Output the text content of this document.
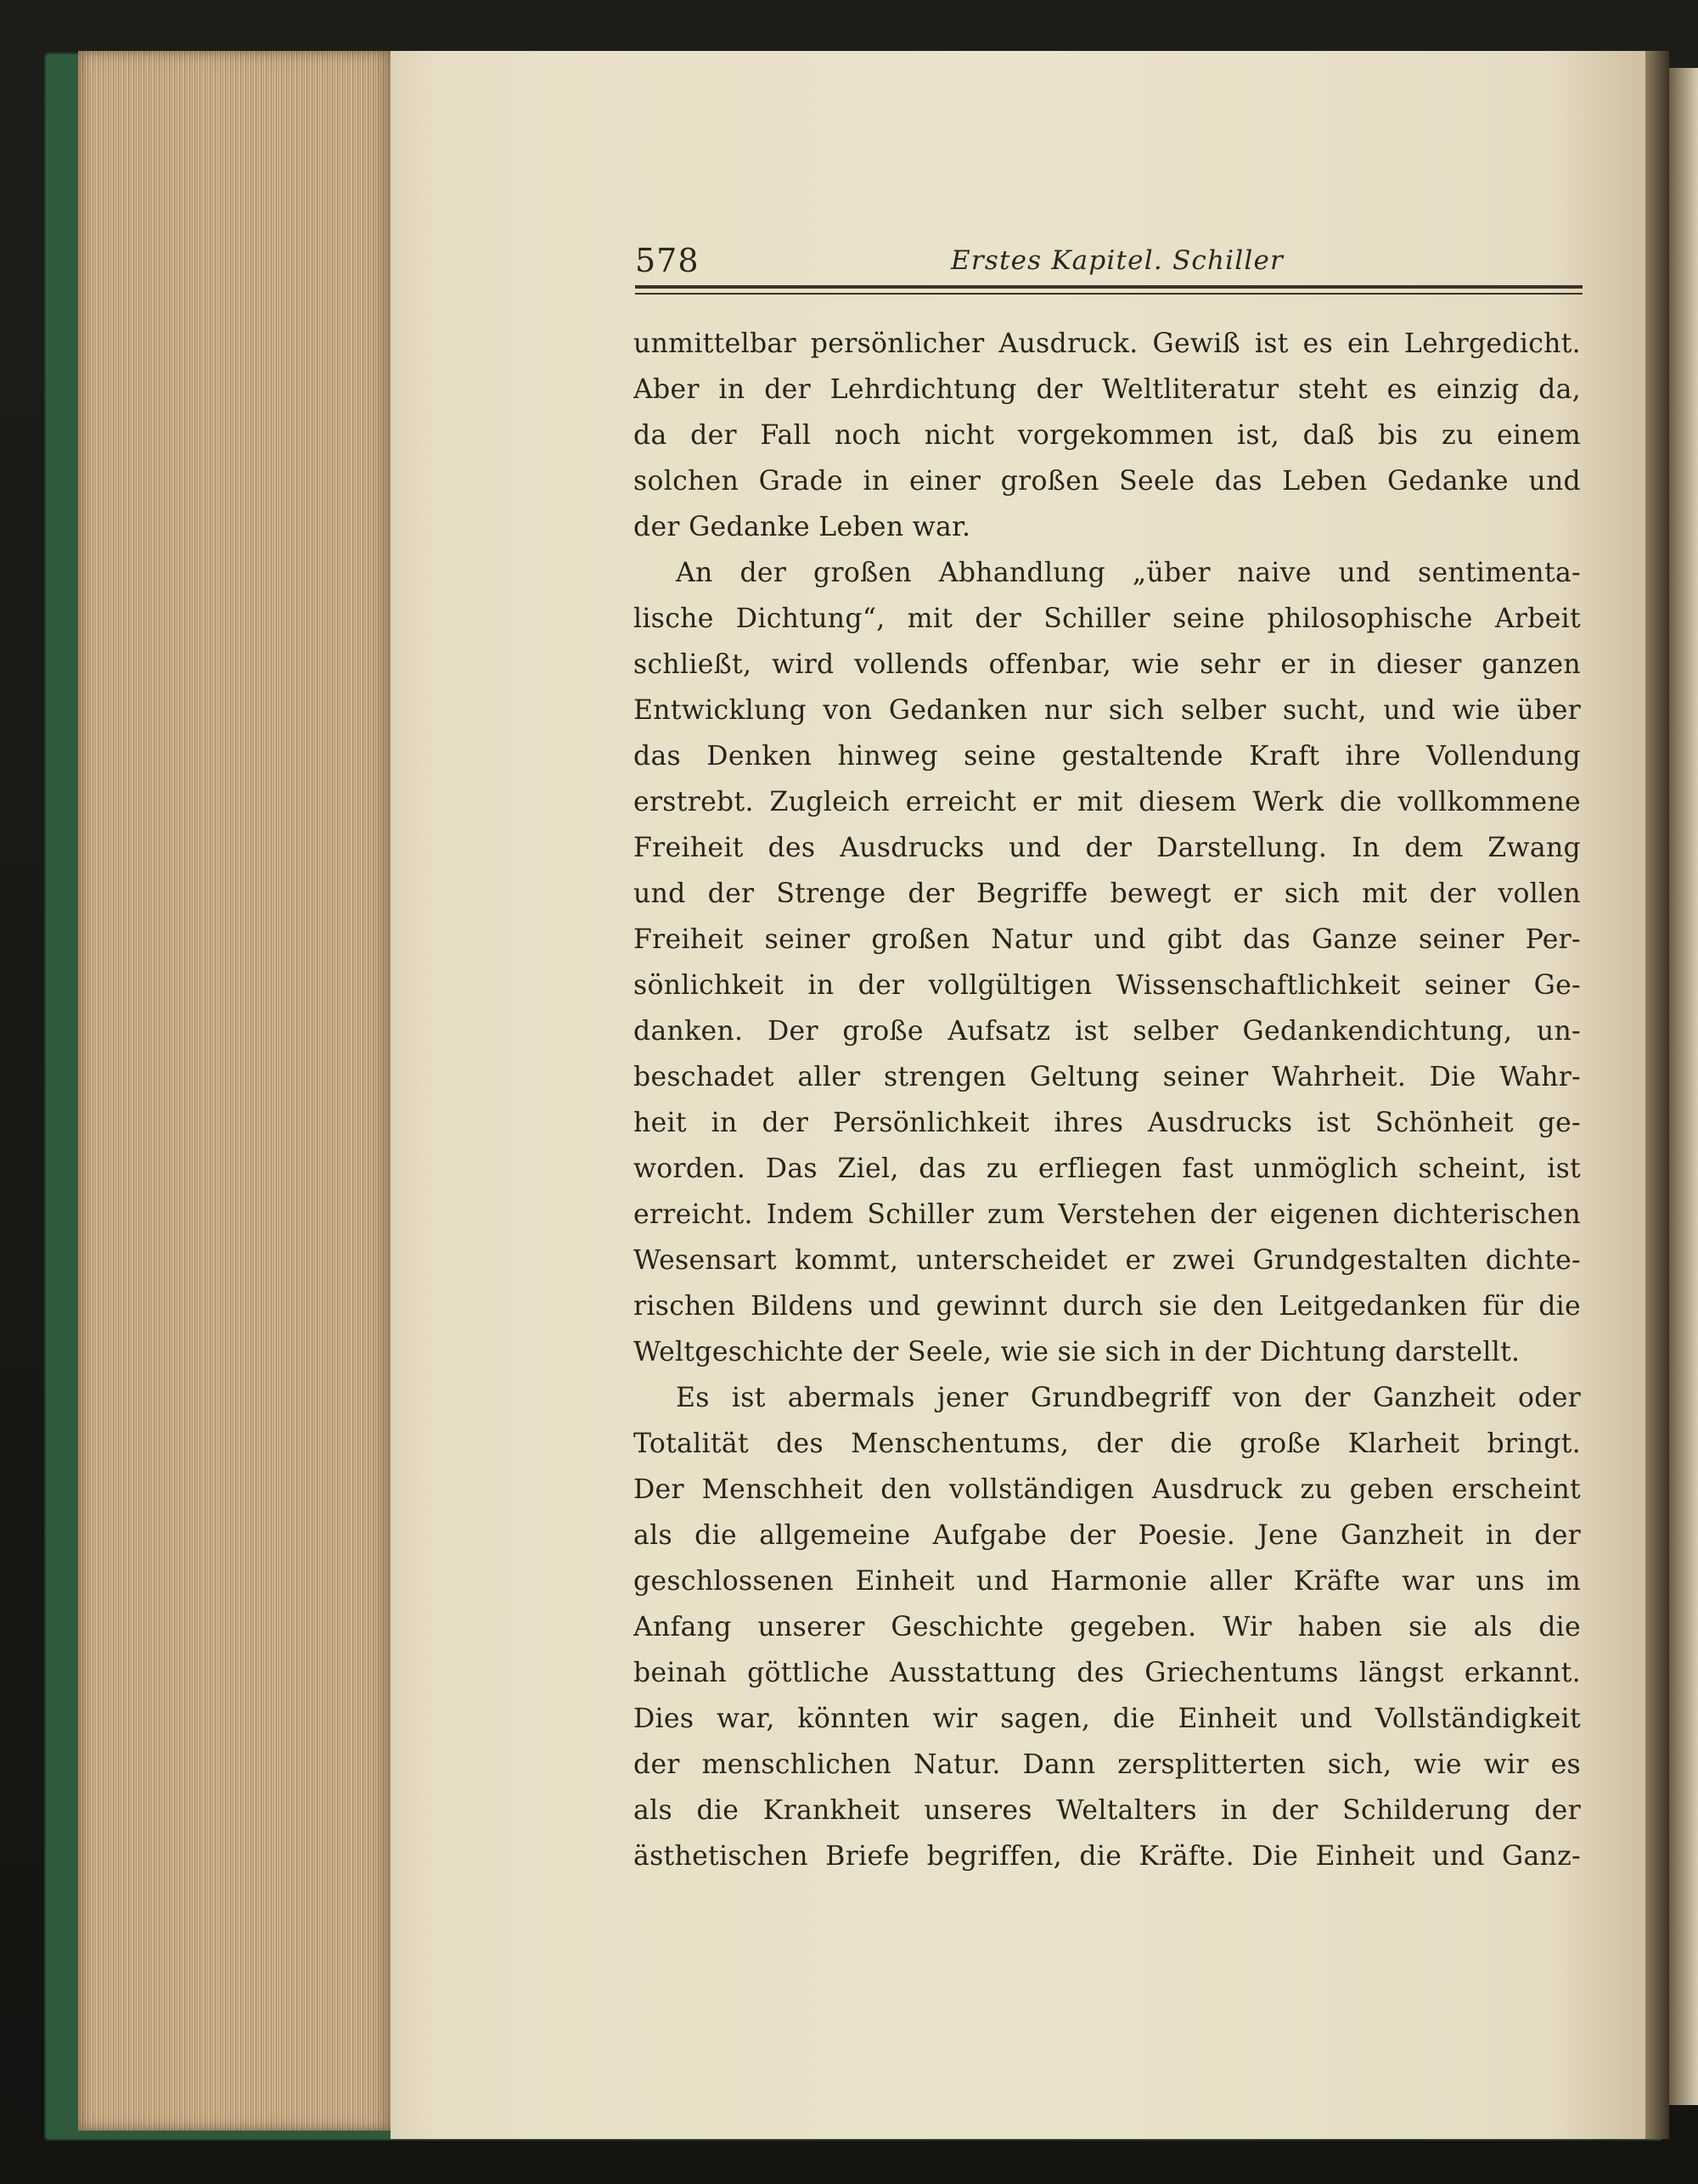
578	Erstes Kapitel. Schiller
unmittelbar persönlicher Ausdruck. Gewiß ist es ein Lehrgedicht.
Aber in der Lehrdichtung der Weltliteratur steht es einzig da,
da der Fall noch nicht vorgekommen ist, daß bis zu einem
solchen Grade in einer großen Seele das Leben Gedanke und
der Gedanke Leben war.
An der großen Abhandlung „über naive und sentimenta-
lische Dichtung“, mit der Schiller seine philosophische Arbeit
schließt, wird vollends offenbar, wie sehr er in dieser ganzen
Entwicklung von Gedanken nur sich selber sucht, und wie über
das Denken hinweg seine gestaltende Kraft ihre Vollendung
erstrebt. Zugleich erreicht er mit diesem Werk die vollkommene
Freiheit des Ausdrucks und der Darstellung. In dem Zwang
und der Strenge der Begriffe bewegt er sich mit der vollen
Freiheit seiner großen Natur und gibt das Ganze seiner Per-
sönlichkeit in der vollgültigen Wissenschaftlichkeit seiner Ge-
danken. Der große Aufsatz ist selber Gedankendichtung, un-
beschadet aller strengen Geltung seiner Wahrheit. Die Wahr-
heit in der Persönlichkeit ihres Ausdrucks ist Schönheit ge-
worden. Das Ziel, das zu erfliegen fast unmöglich scheint, ist
erreicht. Indem Schiller zum Verstehen der eigenen dichterischen
Wesensart kommt, unterscheidet er zwei Grundgestalten dichte-
rischen Bildens und gewinnt durch sie den Leitgedanken für die
Weltgeschichte der Seele, wie sie sich in der Dichtung darstellt.
Es ist abermals jener Grundbegriff von der Ganzheit oder
Totalität des Menschentums, der die große Klarheit bringt.
Der Menschheit den vollständigen Ausdruck zu geben erscheint
als die allgemeine Aufgabe der Poesie. Jene Ganzheit in der
geschlossenen Einheit und Harmonie aller Kräfte war uns im
Anfang unserer Geschichte gegeben. Wir haben sie als die
beinah göttliche Ausstattung des Griechentums längst erkannt.
Dies war, könnten wir sagen, die Einheit und Vollständigkeit
der menschlichen Natur. Dann zersplitterten sich, wie wir es
als die Krankheit unseres Weltalters in der Schilderung der
ästhetischen Briefe begriffen, die Kräfte. Die Einheit und Ganz-
